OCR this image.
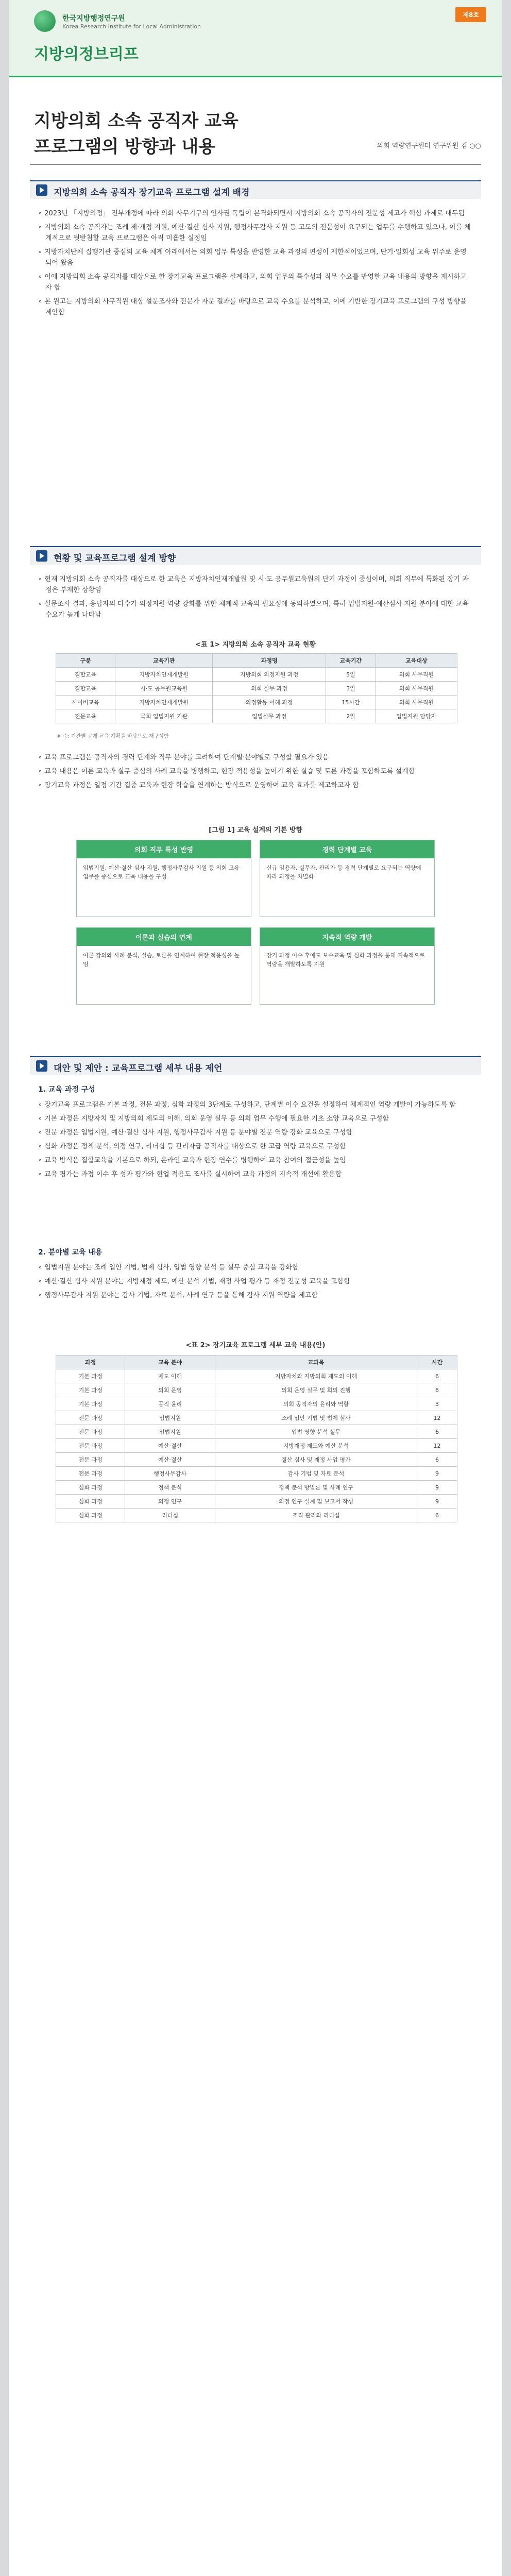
한국지방행정연구원
Korea Research Institute for Local Administration
지방의정브리프
제8호
지방의회 소속 공직자 교육
프로그램의 방향과 내용	의회 역량연구센터 연구위원 김 ○○
지방의회 소속 공직자 장기교육 프로그램 설계 배경

∘ 2023년 「지방의정」 전부개정에 따라 의회 사무기구의 인사권 독립이 본격화되면서 지방의회 소속 공직자의 전문성 제고가 핵심 과제로 대두됨

∘ 지방의회 소속 공직자는 조례 제·개정 지원, 예산·결산 심사 지원, 행정사무감사 지원 등 고도의 전문성이 요구되는 업무를 수행하고 있으나, 이를 체계적으로 뒷받침할 교육 프로그램은 아직 미흡한 실정임

∘ 지방자치단체 집행기관 중심의 교육 체계 아래에서는 의회 업무 특성을 반영한 교육 과정의 편성이 제한적이었으며, 단기·일회성 교육 위주로 운영되어 왔음

∘ 이에 지방의회 소속 공직자를 대상으로 한 장기교육 프로그램을 설계하고, 의회 업무의 특수성과 직무 수요를 반영한 교육 내용의 방향을 제시하고자 함

∘ 본 원고는 지방의회 사무직원 대상 설문조사와 전문가 자문 결과를 바탕으로 교육 수요를 분석하고, 이에 기반한 장기교육 프로그램의 구성 방향을 제안함

현황 및 교육프로그램 설계 방향

∘ 현재 지방의회 소속 공직자를 대상으로 한 교육은 지방자치인재개발원 및 시·도 공무원교육원의 단기 과정이 중심이며, 의회 직무에 특화된 장기 과정은 부재한 상황임

∘ 설문조사 결과, 응답자의 다수가 의정지원 역량 강화를 위한 체계적 교육의 필요성에 동의하였으며, 특히 입법지원·예산심사 지원 분야에 대한 교육 수요가 높게 나타남

<표 1> 지방의회 소속 공직자 교육 현황
구분	교육기관	과정명	교육기간	교육대상
집합교육	지방자치인재개발원	지방의회 의정지원 과정	5일	의회 사무직원
집합교육	시·도 공무원교육원	의회 실무 과정	3일	의회 사무직원
사이버교육	지방자치인재개발원	의정활동 이해 과정	15시간	의회 사무직원
전문교육	국회 입법지원 기관	입법실무 과정	2일	입법지원 담당자
※ 주: 기관별 공개 교육 계획을 바탕으로 재구성함

∘ 교육 프로그램은 공직자의 경력 단계와 직무 분야를 고려하여 단계별·분야별로 구성할 필요가 있음

∘ 교육 내용은 이론 교육과 실무 중심의 사례 교육을 병행하고, 현장 적용성을 높이기 위한 실습 및 토론 과정을 포함하도록 설계함

∘ 장기교육 과정은 일정 기간 집중 교육과 현장 학습을 연계하는 방식으로 운영하여 교육 효과를 제고하고자 함

[그림 1] 교육 설계의 기본 방향
의회 직무 특성 반영

입법지원, 예산·결산 심사 지원, 행정사무감사 지원 등 의회 고유 업무를 중심으로 교육 내용을 구성

경력 단계별 교육

신규 임용자, 실무자, 관리자 등 경력 단계별로 요구되는 역량에 따라 과정을 차별화

이론과 실습의 연계

이론 강의와 사례 분석, 실습, 토론을 연계하여 현장 적용성을 높임

지속적 역량 개발

장기 과정 이수 후에도 보수교육 및 심화 과정을 통해 지속적으로 역량을 개발하도록 지원

대안 및 제안 : 교육프로그램 세부 내용 제언
1. 교육 과정 구성

∘ 장기교육 프로그램은 기본 과정, 전문 과정, 심화 과정의 3단계로 구성하고, 단계별 이수 요건을 설정하여 체계적인 역량 개발이 가능하도록 함

∘ 기본 과정은 지방자치 및 지방의회 제도의 이해, 의회 운영 실무 등 의회 업무 수행에 필요한 기초 소양 교육으로 구성함

∘ 전문 과정은 입법지원, 예산·결산 심사 지원, 행정사무감사 지원 등 분야별 전문 역량 강화 교육으로 구성함

∘ 심화 과정은 정책 분석, 의정 연구, 리더십 등 관리자급 공직자를 대상으로 한 고급 역량 교육으로 구성함

∘ 교육 방식은 집합교육을 기본으로 하되, 온라인 교육과 현장 연수를 병행하여 교육 참여의 접근성을 높임

∘ 교육 평가는 과정 이수 후 성과 평가와 현업 적용도 조사를 실시하여 교육 과정의 지속적 개선에 활용함

2. 분야별 교육 내용

∘ 입법지원 분야는 조례 입안 기법, 법제 심사, 입법 영향 분석 등 실무 중심 교육을 강화함

∘ 예산·결산 심사 지원 분야는 지방재정 제도, 예산 분석 기법, 재정 사업 평가 등 재정 전문성 교육을 포함함

∘ 행정사무감사 지원 분야는 감사 기법, 자료 분석, 사례 연구 등을 통해 감사 지원 역량을 제고함

<표 2> 장기교육 프로그램 세부 교육 내용(안)
과정	교육 분야	교과목	시간
기본 과정	제도 이해	지방자치와 지방의회 제도의 이해	6
기본 과정	의회 운영	의회 운영 실무 및 회의 진행	6
기본 과정	공직 윤리	의회 공직자의 윤리와 역할	3
전문 과정	입법지원	조례 입안 기법 및 법제 심사	12
전문 과정	입법지원	입법 영향 분석 실무	6
전문 과정	예산·결산	지방재정 제도와 예산 분석	12
전문 과정	예산·결산	결산 심사 및 재정 사업 평가	6
전문 과정	행정사무감사	감사 기법 및 자료 분석	9
심화 과정	정책 분석	정책 분석 방법론 및 사례 연구	9
심화 과정	의정 연구	의정 연구 설계 및 보고서 작성	9
심화 과정	리더십	조직 관리와 리더십	6
